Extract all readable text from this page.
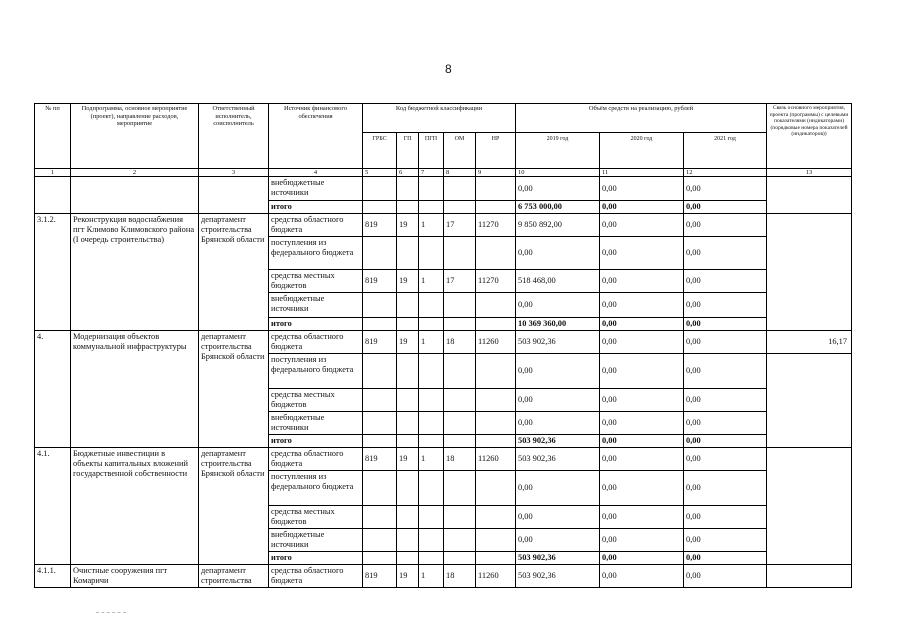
8
№ пп	Подпрограмма, основное мероприятие (проект), направление расходов, мероприятие	Ответственный исполнитель, соисполнитель	Источник финансового обеспечения	Код бюджетной классификации					Объём средств на реализацию, рублей			Связь основного мероприятия, проекта (программы) с целевыми показателями (индикаторами) (порядковые номера показателей (индикаторов))
				ГРБС	ГП	ПГП	ОМ	НР	2019 год	2020 год	2021 год	
1	2	3	4	5	6	7	8	9	10	11	12	13
			внебюджетные источники						0,00	0,00	0,00	
			итого						6 753 000,00	0,00	0,00	
3.1.2.	Реконструкция водоснабжения пгт Климово Климовского района (I очередь строительства)	департамент строительства Брянской области	средства областного бюджета	819	19	1	17	11270	9 850 892,00	0,00	0,00	
			поступления из федерального бюджета						0,00	0,00	0,00	
			средства местных бюджетов	819	19	1	17	11270	518 468,00	0,00	0,00	
			внебюджетные источники						0,00	0,00	0,00	
			итого						10 369 360,00	0,00	0,00	
4.	Модернизация объектов коммунальной инфраструктуры	департамент строительства Брянской области	средства областного бюджета	819	19	1	18	11260	503 902,36	0,00	0,00	16,17
			поступления из федерального бюджета						0,00	0,00	0,00	
			средства местных бюджетов						0,00	0,00	0,00	
			внебюджетные источники						0,00	0,00	0,00	
			итого						503 902,36	0,00	0,00	
4.1.	Бюджетные инвестиции в объекты капитальных вложений государственной собственности	департамент строительства Брянской области	средства областного бюджета	819	19	1	18	11260	503 902,36	0,00	0,00	
			поступления из федерального бюджета						0,00	0,00	0,00	
			средства местных бюджетов						0,00	0,00	0,00	
			внебюджетные источники						0,00	0,00	0,00	
			итого						503 902,36	0,00	0,00	
4.1.1.	Очистные сооружения пгт Комаричи	департамент строительства	средства областного бюджета	819	19	1	18	11260	503 902,36	0,00	0,00	
